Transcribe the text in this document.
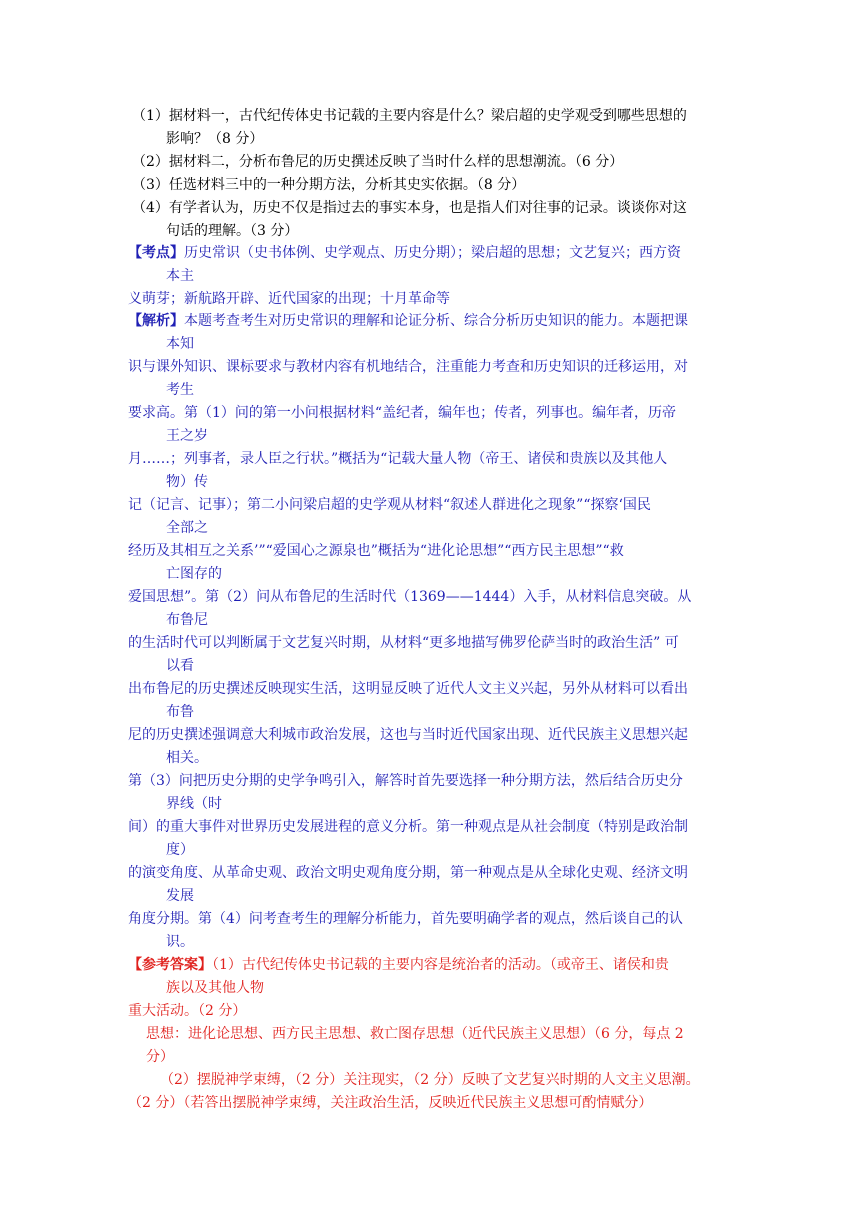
（1）据材料一，古代纪传体史书记载的主要内容是什么？梁启超的史学观受到哪些思想的
影响？（8 分）
（2）据材料二，分析布鲁尼的历史撰述反映了当时什么样的思想潮流。（6 分）
（3）任选材料三中的一种分期方法，分析其史实依据。（8 分）
（4）有学者认为，历史不仅是指过去的事实本身，也是指人们对往事的记录。谈谈你对这
句话的理解。（3 分）
【考点】历史常识（史书体例、史学观点、历史分期）；梁启超的思想；文艺复兴；西方资
本主
义萌芽；新航路开辟、近代国家的出现；十月革命等
【解析】本题考查考生对历史常识的理解和论证分析、综合分析历史知识的能力。本题把课
本知
识与课外知识、课标要求与教材内容有机地结合，注重能力考查和历史知识的迁移运用，对
考生
要求高。第（1）问的第一小问根据材料“盖纪者，编年也；传者，列事也。编年者，历帝
王之岁
月……；列事者，录人臣之行状。”概括为“记载大量人物（帝王、诸侯和贵族以及其他人
物）传
记（记言、记事）；第二小问梁启超的史学观从材料“叙述人群进化之现象”“探察‘国民
全部之
经历及其相互之关系’”“爱国心之源泉也”概括为“进化论思想”“西方民主思想”“救
亡图存的
爱国思想”。第（2）问从布鲁尼的生活时代（1369——1444）入手，从材料信息突破。从
布鲁尼
的生活时代可以判断属于文艺复兴时期，从材料“更多地描写佛罗伦萨当时的政治生活” 可
以看
出布鲁尼的历史撰述反映现实生活，这明显反映了近代人文主义兴起，另外从材料可以看出
布鲁
尼的历史撰述强调意大利城市政治发展，这也与当时近代国家出现、近代民族主义思想兴起
相关。
第（3）问把历史分期的史学争鸣引入，解答时首先要选择一种分期方法，然后结合历史分
界线（时
间）的重大事件对世界历史发展进程的意义分析。第一种观点是从社会制度（特别是政治制
度）
的演变角度、从革命史观、政治文明史观角度分期，第一种观点是从全球化史观、经济文明
发展
角度分期。第（4）问考查考生的理解分析能力，首先要明确学者的观点，然后谈自己的认
识。
【参考答案】（1）古代纪传体史书记载的主要内容是统治者的活动。（或帝王、诸侯和贵
族以及其他人物
重大活动。（2 分）
思想：进化论思想、西方民主思想、救亡图存思想（近代民族主义思想）（6 分，每点 2
分）
（2）摆脱神学束缚，（2 分）关注现实，（2 分）反映了文艺复兴时期的人文主义思潮。
（2 分）（若答出摆脱神学束缚，关注政治生活，反映近代民族主义思想可酌情赋分）
